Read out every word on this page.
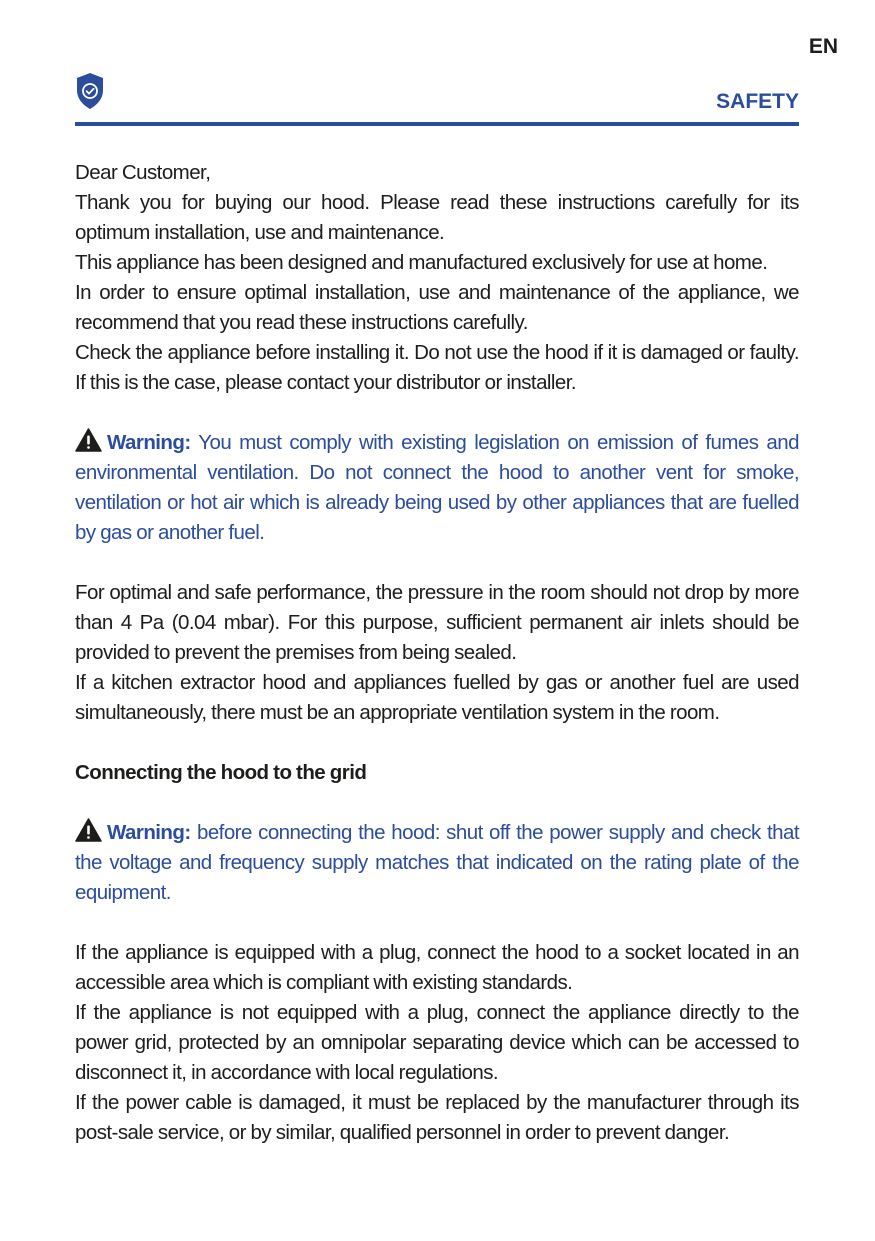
EN
SAFETY

Dear Customer,

Thank you for buying our hood. Please read these instructions carefully for its optimum installation, use and maintenance.

This appliance has been designed and manufactured exclusively for use at home.

In order to ensure optimal installation, use and maintenance of the appliance, we recommend that you read these instructions carefully.

Check the appliance before installing it. Do not use the hood if it is damaged or faulty. If this is the case, please contact your distributor or installer.

Warning: You must comply with existing legislation on emission of fumes and environmental ventilation. Do not connect the hood to another vent for smoke, ventilation or hot air which is already being used by other appliances that are fuelled by gas or another fuel.

For optimal and safe performance, the pressure in the room should not drop by more than 4 Pa (0.04 mbar). For this purpose, sufficient permanent air inlets should be provided to prevent the premises from being sealed.

If a kitchen extractor hood and appliances fuelled by gas or another fuel are used simultaneously, there must be an appropriate ventilation system in the room.

Connecting the hood to the grid

Warning: before connecting the hood: shut off the power supply and check that the voltage and frequency supply matches that indicated on the rating plate of the equipment.

If the appliance is equipped with a plug, connect the hood to a socket located in an accessible area which is compliant with existing standards.

If the appliance is not equipped with a plug, connect the appliance directly to the power grid, protected by an omnipolar separating device which can be accessed to disconnect it, in accordance with local regulations.

If the power cable is damaged, it must be replaced by the manufacturer through its post-sale service, or by similar, qualified personnel in order to prevent danger.
